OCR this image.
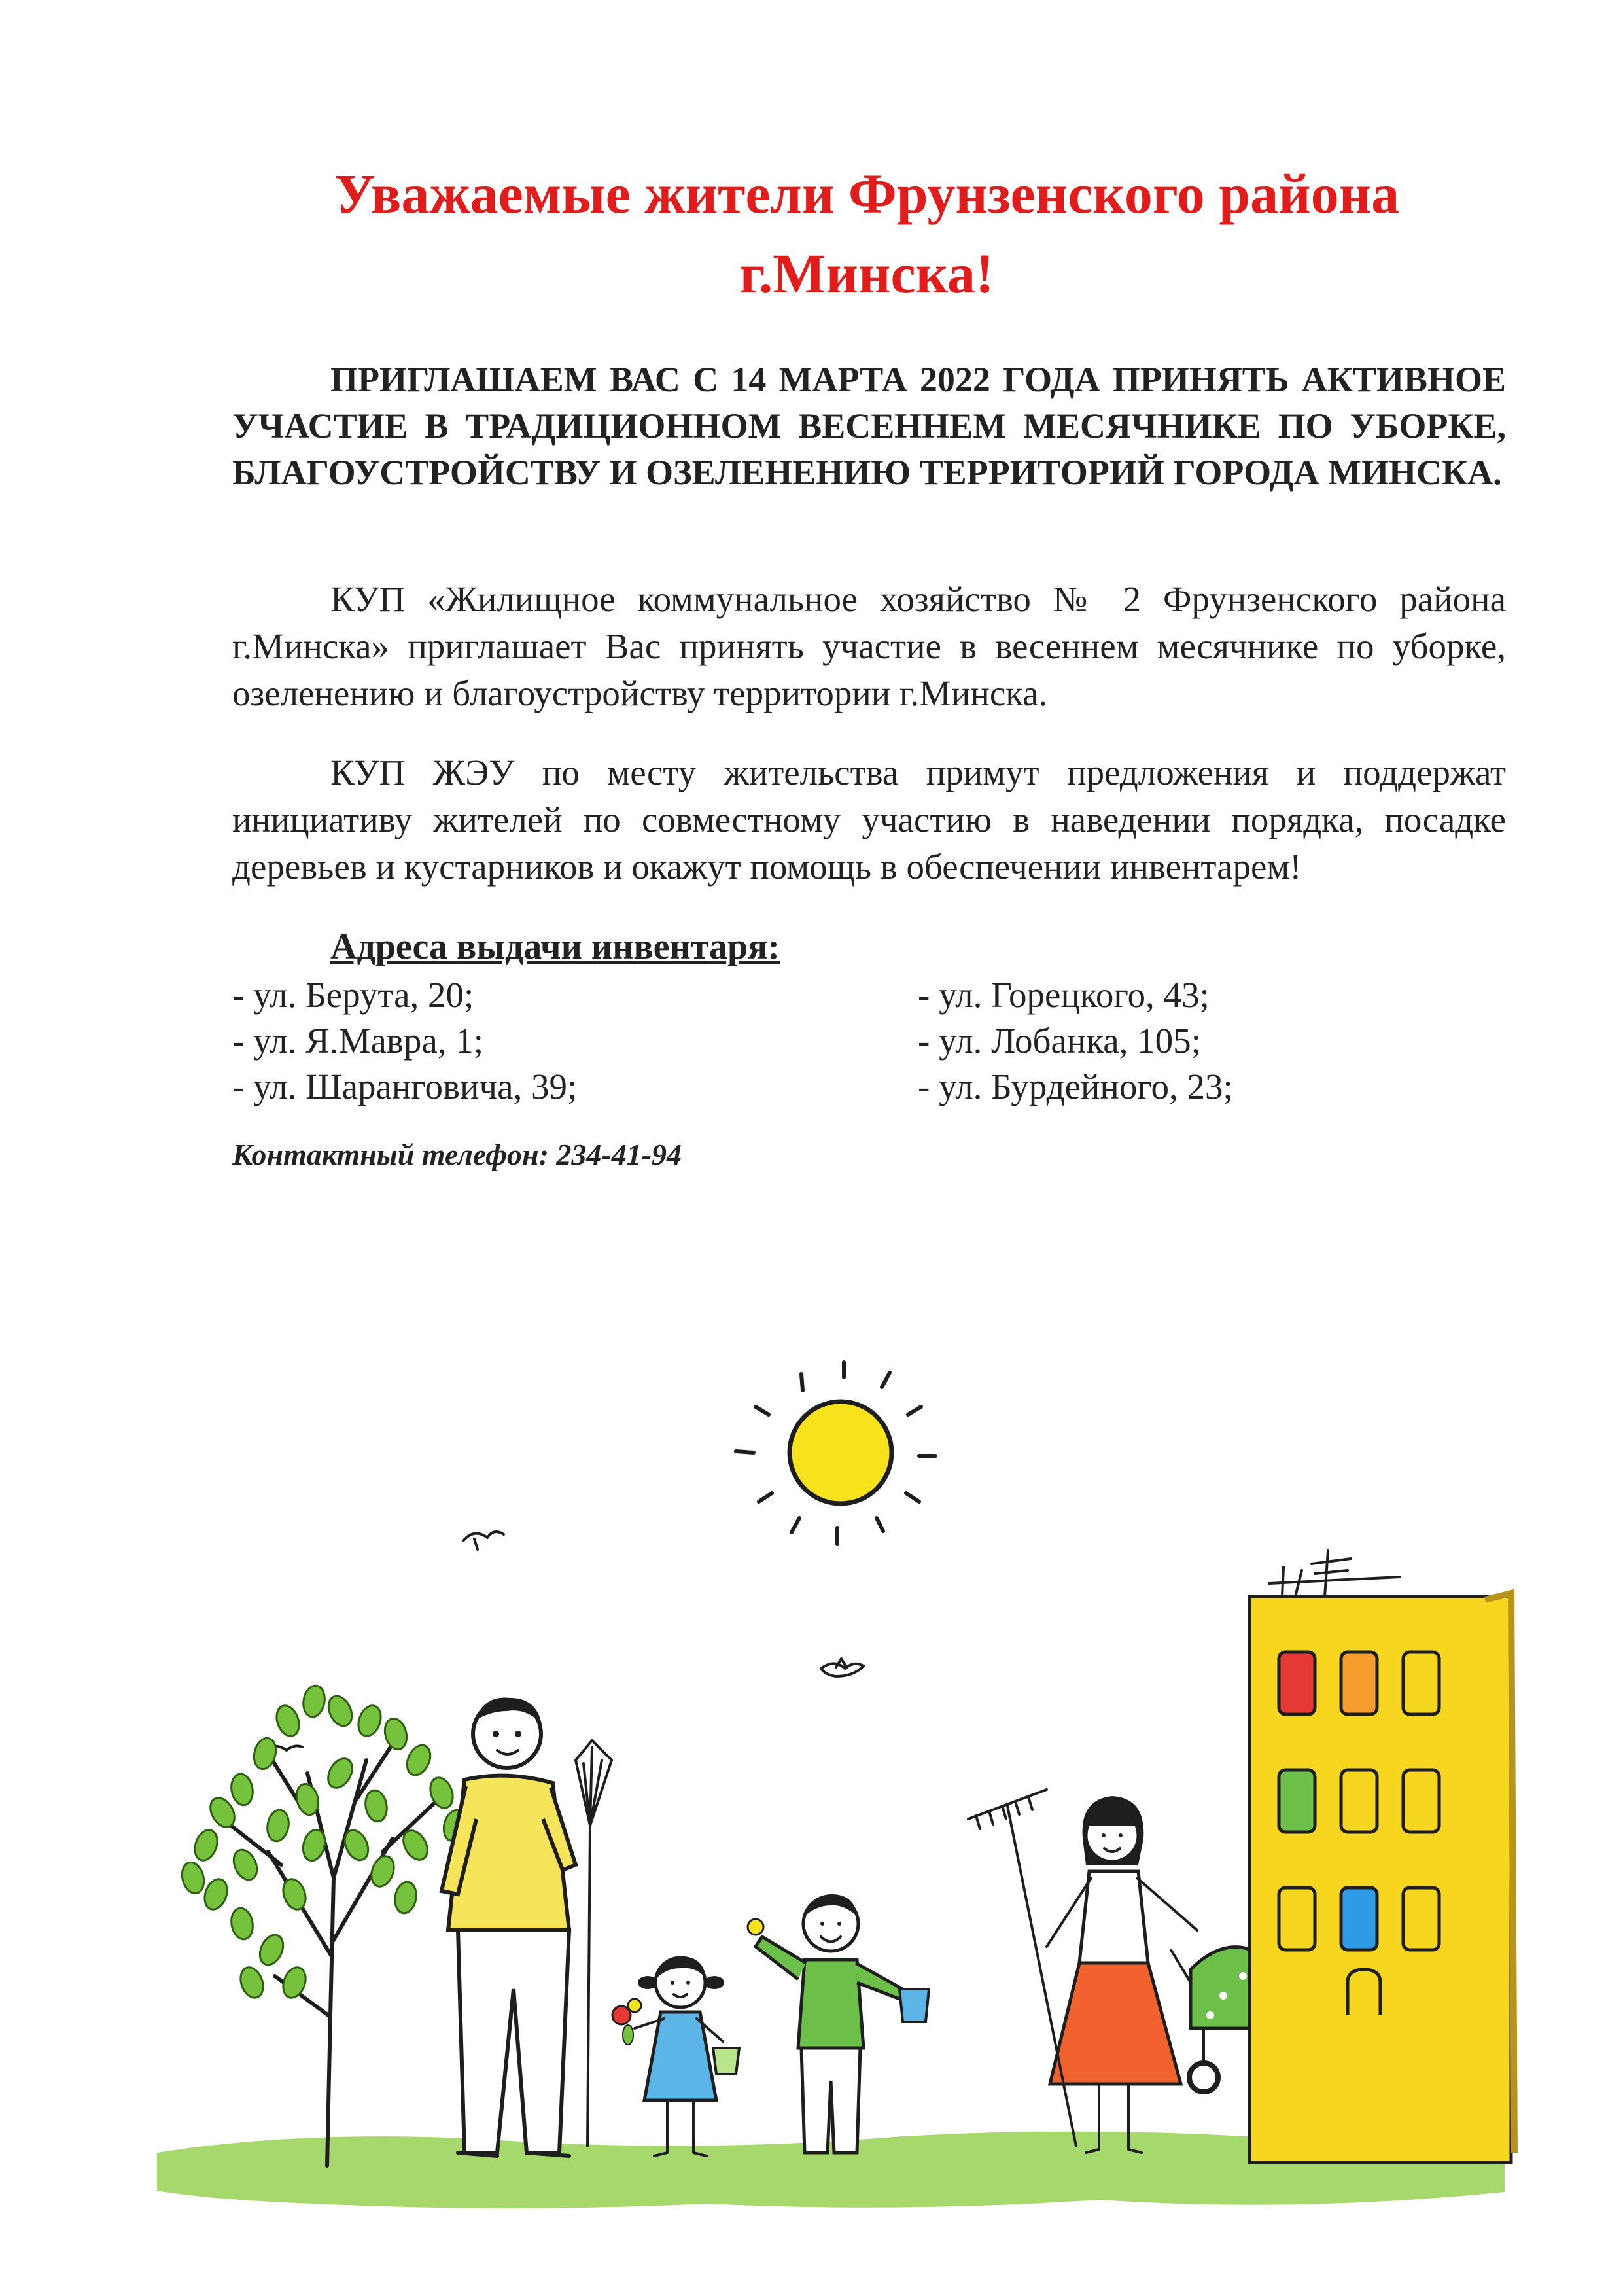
Уважаемые жители Фрунзенского района
г.Минска!

ПРИГЛАШАЕМ ВАС С 14 МАРТА 2022 ГОДА ПРИНЯТЬ АКТИВНОЕ УЧАСТИЕ В ТРАДИЦИОННОМ ВЕСЕННЕМ МЕСЯЧНИКЕ ПО УБОРКЕ, БЛАГОУСТРОЙСТВУ И ОЗЕЛЕНЕНИЮ ТЕРРИТОРИЙ ГОРОДА МИНСКА.

КУП «Жилищное коммунальное хозяйство № 2 Фрунзенского района г.Минска» приглашает Вас принять участие в весеннем месячнике по уборке, озеленению и благоустройству территории г.Минска.

КУП ЖЭУ по месту жительства примут предложения и поддержат инициативу жителей по совместному участию в наведении порядка, посадке деревьев и кустарников и окажут помощь в обеспечении инвентарем!

Адреса выдачи инвентаря:

- ул. Берута, 20;
- ул. Я.Мавра, 1;
- ул. Шаранговича, 39;
- ул. Горецкого, 43;
- ул. Лобанка, 105;
- ул. Бурдейного, 23;

Контактный телефон: 234-41-94
